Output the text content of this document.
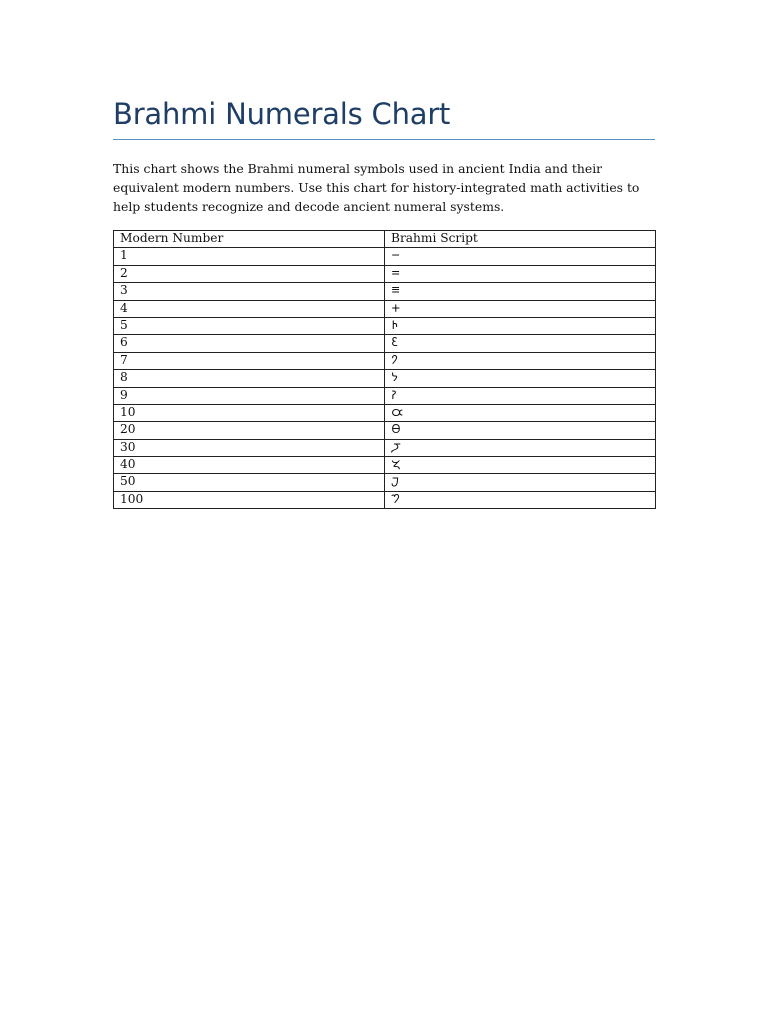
Brahmi Numerals Chart

This chart shows the Brahmi numeral symbols used in ancient India and their equivalent modern numbers. Use this chart for history-integrated math activities to help students recognize and decode ancient numeral systems.

Modern Number	Brahmi Script
1	𑁒
2	𑁓
3	𑁔
4	𑁕
5	𑁖
6	𑁗
7	𑁘
8	𑁙
9	𑁚
10	𑁛
20	𑁜
30	𑁝
40	𑁞
50	𑁟
100	𑁤
